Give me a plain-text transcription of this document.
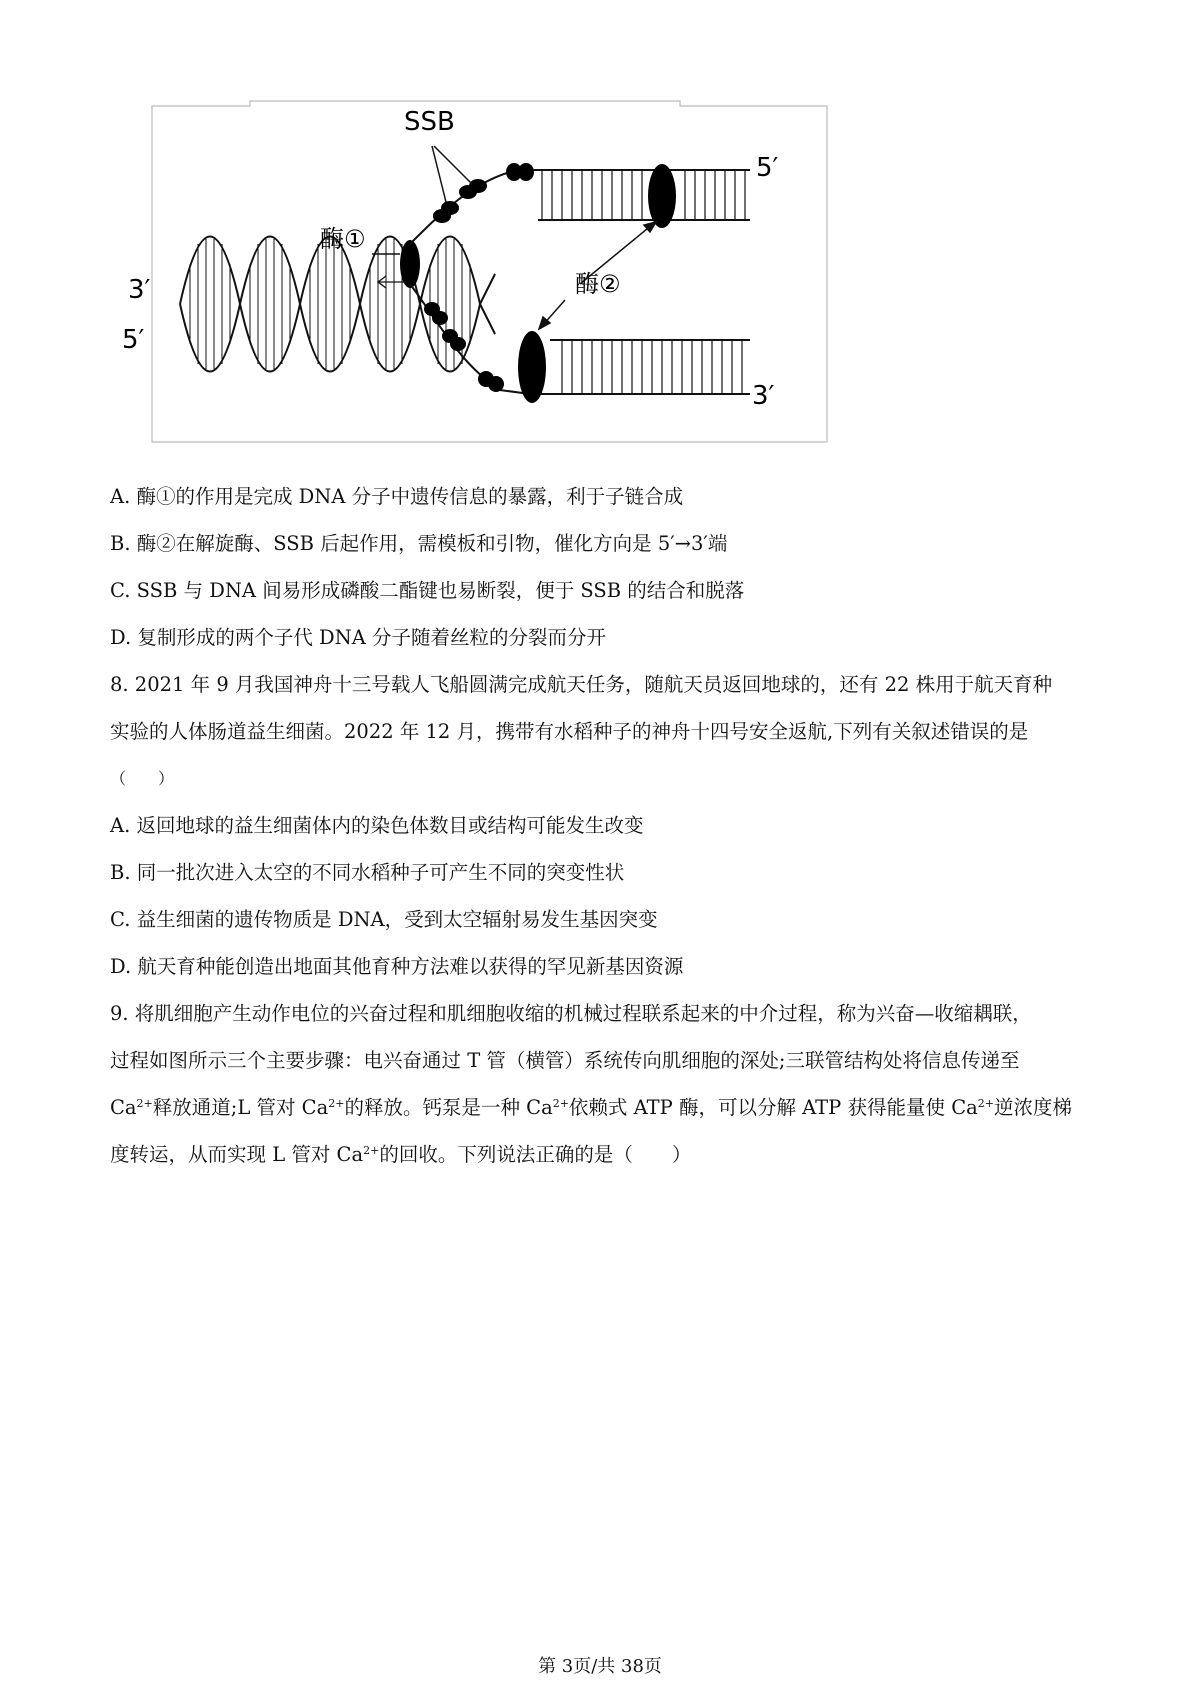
SSB
酶①
酶②
3′
5′
5′
3′
A. 酶①的作用是完成 DNA 分子中遗传信息的暴露，利于子链合成
B. 酶②在解旋酶、SSB 后起作用，需模板和引物，催化方向是 5′→3′端
C. SSB 与 DNA 间易形成磷酸二酯键也易断裂，便于 SSB 的结合和脱落
D. 复制形成的两个子代 DNA 分子随着丝粒的分裂而分开
8. 2021 年 9 月我国神舟十三号载人飞船圆满完成航天任务，随航天员返回地球的，还有 22 株用于航天育种
实验的人体肠道益生细菌。2022 年 12 月，携带有水稻种子的神舟十四号安全返航,下列有关叙述错误的是
（　　）
A. 返回地球的益生细菌体内的染色体数目或结构可能发生改变
B. 同一批次进入太空的不同水稻种子可产生不同的突变性状
C. 益生细菌的遗传物质是 DNA，受到太空辐射易发生基因突变
D. 航天育种能创造出地面其他育种方法难以获得的罕见新基因资源
9. 将肌细胞产生动作电位的兴奋过程和肌细胞收缩的机械过程联系起来的中介过程，称为兴奋—收缩耦联，
过程如图所示三个主要步骤：电兴奋通过 T 管（横管）系统传向肌细胞的深处;三联管结构处将信息传递至
$Ca^{2+}$释放通道;L 管对 $Ca^{2+}$的释放。钙泵是一种 $Ca^{2+}$依赖式 ATP 酶，可以分解 ATP 获得能量使 $Ca^{2+}$逆浓度梯
度转运，从而实现 L 管对 $Ca^{2+}$的回收。下列说法正确的是（　　）
第 3页/共 38页
